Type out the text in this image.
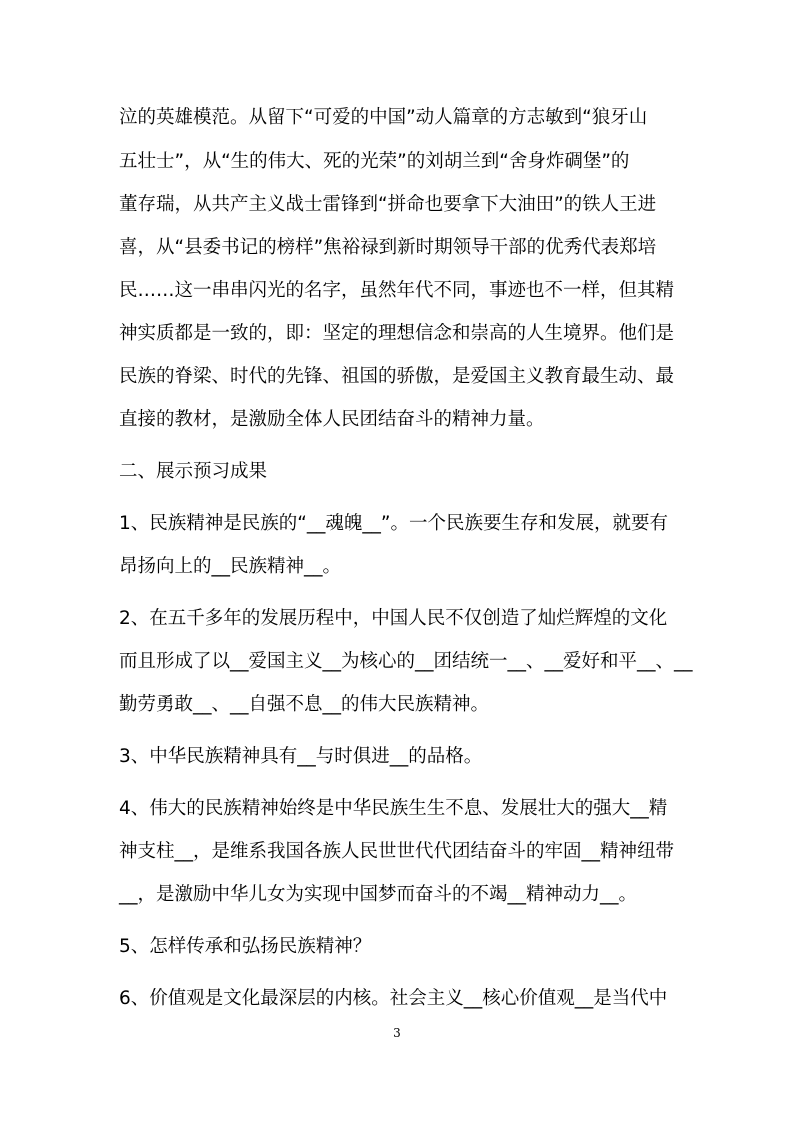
泣的英雄模范。从留下“可爱的中国”动人篇章的方志敏到“狼牙山
五壮士”，从“生的伟大、死的光荣”的刘胡兰到“舍身炸碉堡”的
董存瑞，从共产主义战士雷锋到“拼命也要拿下大油田”的铁人王进
喜，从“县委书记的榜样”焦裕禄到新时期领导干部的优秀代表郑培
民……这一串串闪光的名字，虽然年代不同，事迹也不一样，但其精
神实质都是一致的，即：坚定的理想信念和崇高的人生境界。他们是
民族的脊梁、时代的先锋、祖国的骄傲，是爱国主义教育最生动、最
直接的教材，是激励全体人民团结奋斗的精神力量。
二、展示预习成果
1、民族精神是民族的“__魂魄__”。一个民族要生存和发展，就要有
昂扬向上的__民族精神__。
2、在五千多年的发展历程中，中国人民不仅创造了灿烂辉煌的文化
而且形成了以__爱国主义__为核心的__团结统一__、__爱好和平__、__
勤劳勇敢__、__自强不息__的伟大民族精神。
3、中华民族精神具有__与时俱进__的品格。
4、伟大的民族精神始终是中华民族生生不息、发展壮大的强大__精
神支柱__，是维系我国各族人民世世代代团结奋斗的牢固__精神纽带
__，是激励中华儿女为实现中国梦而奋斗的不竭__精神动力__。
5、怎样传承和弘扬民族精神？
6、价值观是文化最深层的内核。社会主义__核心价值观__是当代中
3
